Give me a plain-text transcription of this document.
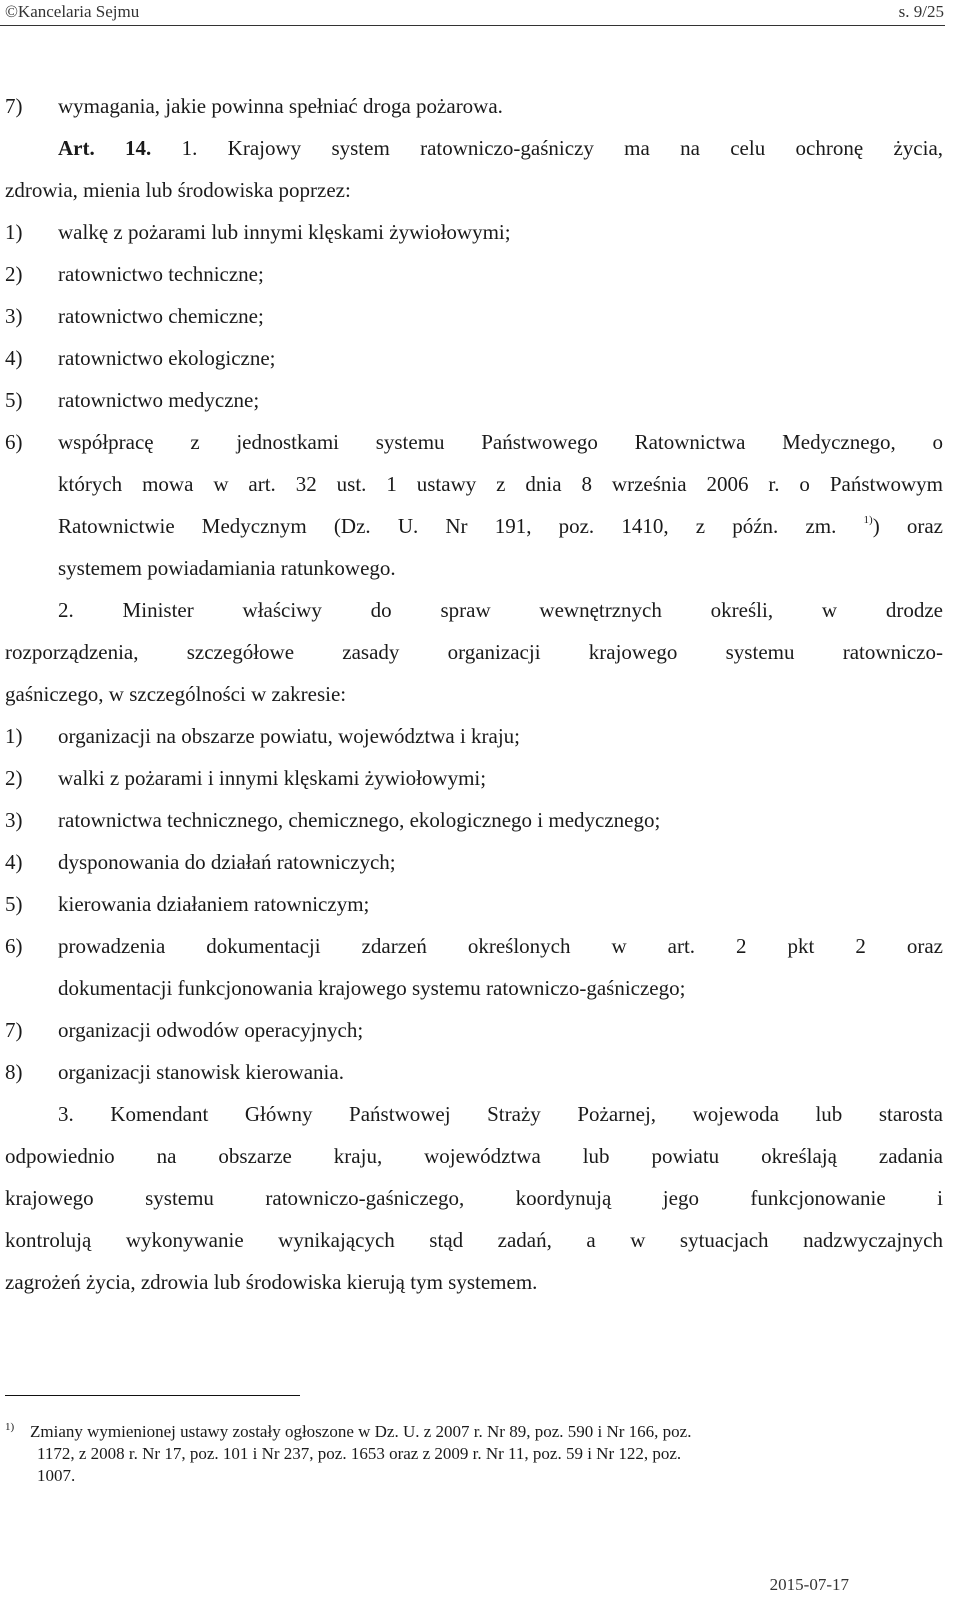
©Kancelaria Sejmu	s. 9/25
7) wymagania, jakie powinna spełniać droga pożarowa.
Art. 14. 1. Krajowy system ratowniczo-gaśniczy ma na celu ochronę życia,
zdrowia, mienia lub środowiska poprzez:
1) walkę z pożarami lub innymi klęskami żywiołowymi;
2) ratownictwo techniczne;
3) ratownictwo chemiczne;
4) ratownictwo ekologiczne;
5) ratownictwo medyczne;
6) współpracę z jednostkami systemu Państwowego Ratownictwa Medycznego, o
których mowa w art. 32 ust. 1 ustawy z dnia 8 września 2006 r. o Państwowym
Ratownictwie Medycznym (Dz. U. Nr 191, poz. 1410, z późn. zm. $^{1)}$) oraz
systemem powiadamiania ratunkowego.
2. Minister właściwy do spraw wewnętrznych określi, w drodze
rozporządzenia, szczegółowe zasady organizacji krajowego systemu ratowniczo-
gaśniczego, w szczególności w zakresie:
1) organizacji na obszarze powiatu, województwa i kraju;
2) walki z pożarami i innymi klęskami żywiołowymi;
3) ratownictwa technicznego, chemicznego, ekologicznego i medycznego;
4) dysponowania do działań ratowniczych;
5) kierowania działaniem ratowniczym;
6) prowadzenia dokumentacji zdarzeń określonych w art. 2 pkt 2 oraz
dokumentacji funkcjonowania krajowego systemu ratowniczo-gaśniczego;
7) organizacji odwodów operacyjnych;
8) organizacji stanowisk kierowania.
3. Komendant Główny Państwowej Straży Pożarnej, wojewoda lub starosta
odpowiednio na obszarze kraju, województwa lub powiatu określają zadania
krajowego systemu ratowniczo-gaśniczego, koordynują jego funkcjonowanie i
kontrolują wykonywanie wynikających stąd zadań, a w sytuacjach nadzwyczajnych
zagrożeń życia, zdrowia lub środowiska kierują tym systemem.
1) Zmiany wymienionej ustawy zostały ogłoszone w Dz. U. z 2007 r. Nr 89, poz. 590 i Nr 166, poz.
1172, z 2008 r. Nr 17, poz. 101 i Nr 237, poz. 1653 oraz z 2009 r. Nr 11, poz. 59 i Nr 122, poz.
1007.
2015-07-17
